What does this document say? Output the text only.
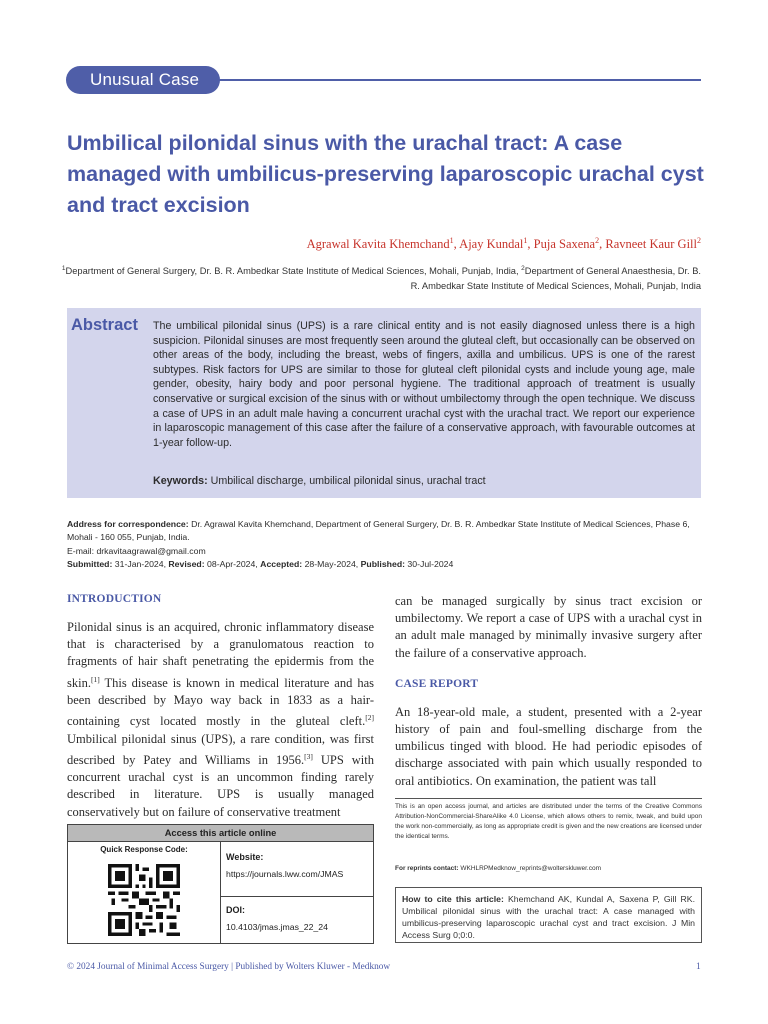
Unusual Case
Umbilical pilonidal sinus with the urachal tract: A case managed with umbilicus-preserving laparoscopic urachal cyst and tract excision
Agrawal Kavita Khemchand$^1$, Ajay Kundal$^1$, Puja Saxena$^2$, Ravneet Kaur Gill$^2$
$^1$Department of General Surgery, Dr. B. R. Ambedkar State Institute of Medical Sciences, Mohali, Punjab, India, $^2$Department of General Anaesthesia, Dr. B. R. Ambedkar State Institute of Medical Sciences, Mohali, Punjab, India
Abstract The umbilical pilonidal sinus (UPS) is a rare clinical entity and is not easily diagnosed unless there is a high suspicion. Pilonidal sinuses are most frequently seen around the gluteal cleft, but occasionally can be observed on other areas of the body, including the breast, webs of fingers, axilla and umbilicus. UPS is one of the rarest subtypes. Risk factors for UPS are similar to those for gluteal cleft pilonidal cysts and include young age, male gender, obesity, hairy body and poor personal hygiene. The traditional approach of treatment is usually conservative or surgical excision of the sinus with or without umbilectomy through the open technique. We discuss a case of UPS in an adult male having a concurrent urachal cyst with the urachal tract. We report our experience in laparoscopic management of this case after the failure of a conservative approach, with favourable outcomes at 1-year follow-up.

Keywords: Umbilical discharge, umbilical pilonidal sinus, urachal tract

Address for correspondence: Dr. Agrawal Kavita Khemchand, Department of General Surgery, Dr. B. R. Ambedkar State Institute of Medical Sciences, Phase 6, Mohali - 160 055, Punjab, India.
E-mail: drkavitaagrawal@gmail.com
Submitted: 31-Jan-2024, Revised: 08-Apr-2024, Accepted: 28-May-2024, Published: 30-Jul-2024
INTRODUCTION

Pilonidal sinus is an acquired, chronic inflammatory disease that is characterised by a granulomatous reaction to fragments of hair shaft penetrating the epidermis from the skin.[1] This disease is known in medical literature and has been described by Mayo way back in 1833 as a hair-containing cyst located mostly in the gluteal cleft.[2] Umbilical pilonidal sinus (UPS), a rare condition, was first described by Patey and Williams in 1956.[3] UPS with concurrent urachal cyst is an uncommon finding rarely described in literature. UPS is usually managed conservatively but on failure of conservative treatment

can be managed surgically by sinus tract excision or umbilectomy. We report a case of UPS with a urachal cyst in an adult male managed by minimally invasive surgery after the failure of a conservative approach.

CASE REPORT

An 18-year-old male, a student, presented with a 2-year history of pain and foul-smelling discharge from the umbilicus tinged with blood. He had periodic episodes of discharge associated with pain which usually responded to oral antibiotics. On examination, the patient was tall

Access this article online
Quick Response Code:
Website:
https://journals.lww.com/JMAS
DOI:
10.4103/jmas.jmas_22_24
This is an open access journal, and articles are distributed under the terms of the Creative Commons Attribution-NonCommercial-ShareAlike 4.0 License, which allows others to remix, tweak, and build upon the work non-commercially, as long as appropriate credit is given and the new creations are licensed under the identical terms.
For reprints contact: WKHLRPMedknow_reprints@wolterskluwer.com
How to cite this article: Khemchand AK, Kundal A, Saxena P, Gill RK. Umbilical pilonidal sinus with the urachal tract: A case managed with umbilicus-preserving laparoscopic urachal cyst and tract excision. J Min Access Surg 0;0:0.
© 2024 Journal of Minimal Access Surgery | Published by Wolters Kluwer - Medknow	1
